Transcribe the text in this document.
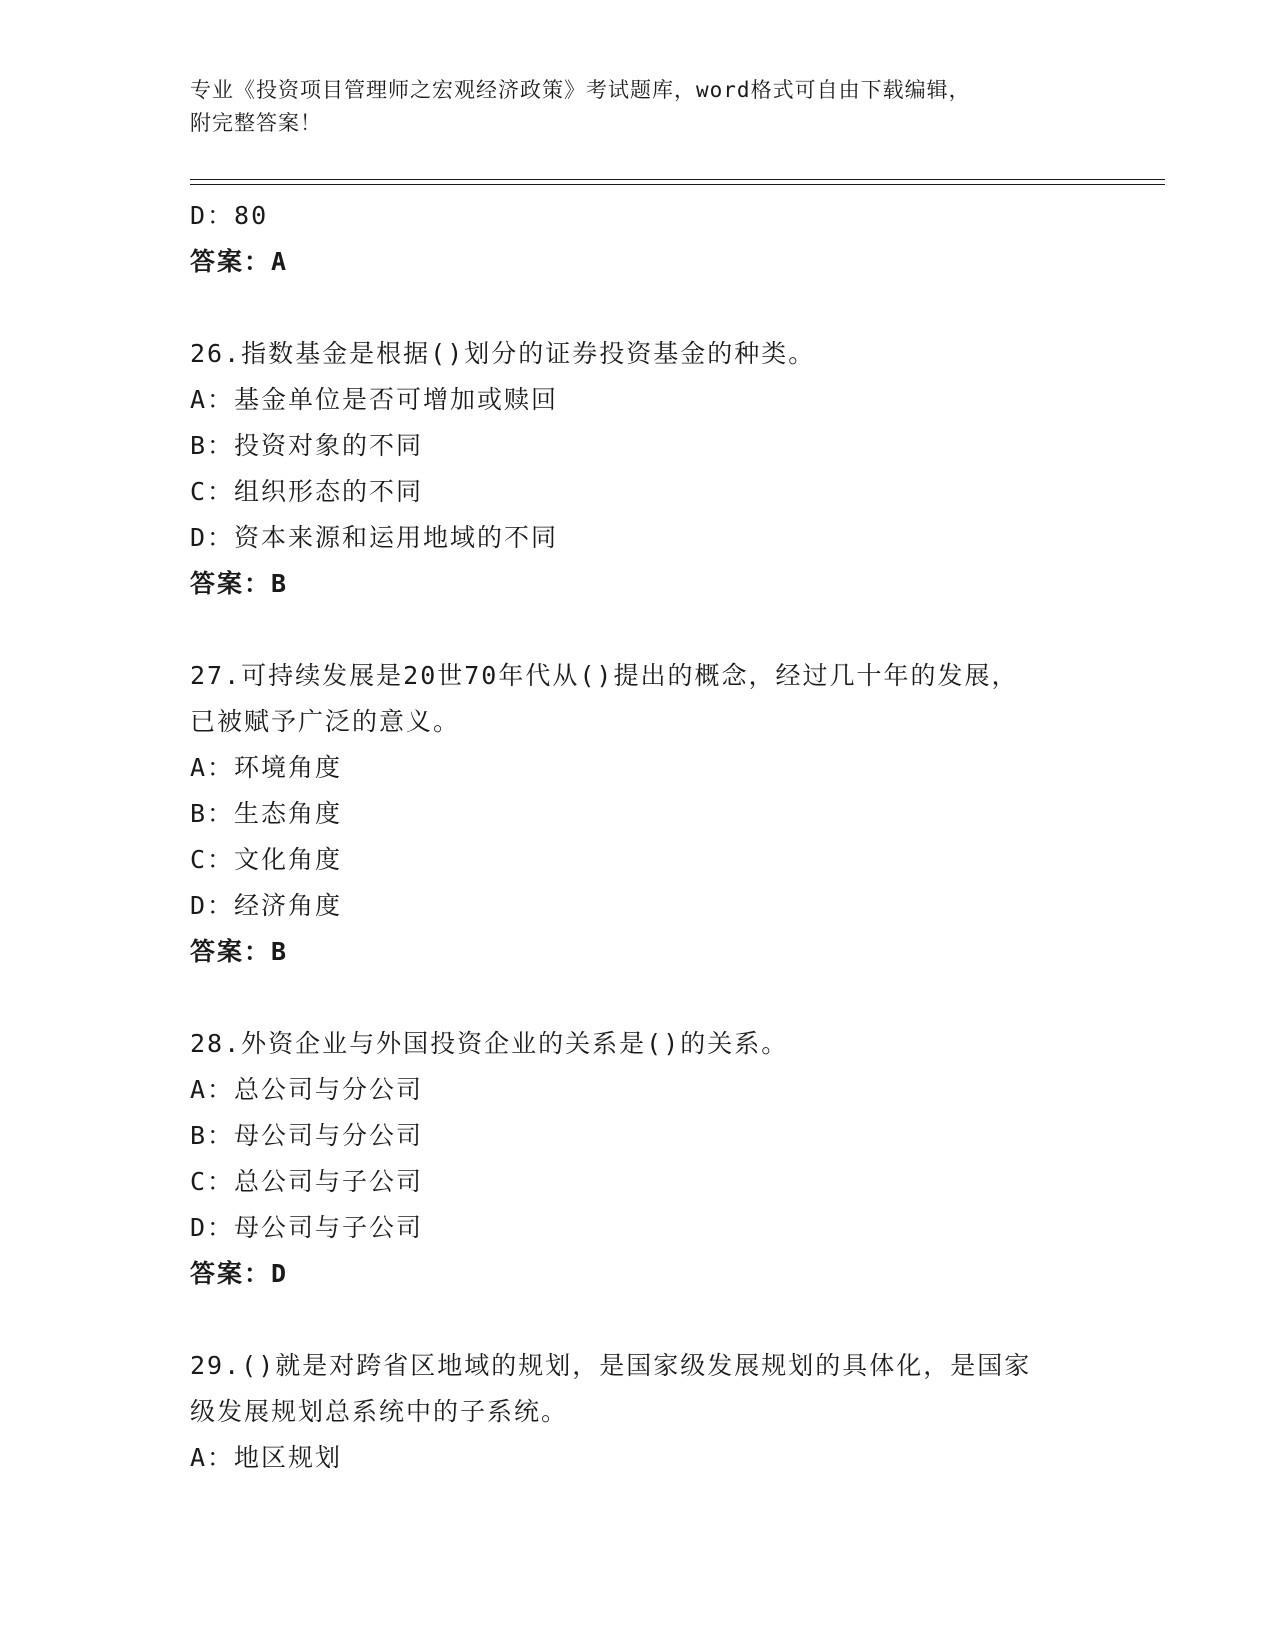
专业《投资项目管理师之宏观经济政策》考试题库，word格式可自由下载编辑，
附完整答案！
D：80
答案：A
26.指数基金是根据()划分的证券投资基金的种类。
A：基金单位是否可增加或赎回
B：投资对象的不同
C：组织形态的不同
D：资本来源和运用地域的不同
答案：B
27.可持续发展是20世70年代从()提出的概念，经过几十年的发展，
已被赋予广泛的意义。
A：环境角度
B：生态角度
C：文化角度
D：经济角度
答案：B
28.外资企业与外国投资企业的关系是()的关系。
A：总公司与分公司
B：母公司与分公司
C：总公司与子公司
D：母公司与子公司
答案：D
29.()就是对跨省区地域的规划，是国家级发展规划的具体化，是国家
级发展规划总系统中的子系统。
A：地区规划
